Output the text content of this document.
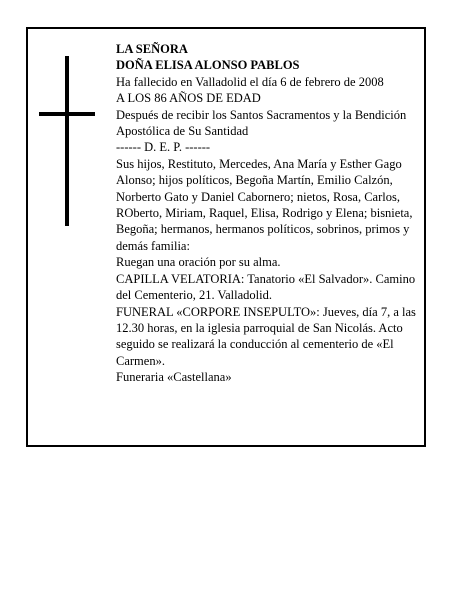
LA SEÑORA

DOÑA ELISA ALONSO PABLOS

Ha fallecido en Valladolid el día 6 de febrero de 2008

A LOS 86 AÑOS DE EDAD

Después de recibir los Santos Sacramentos y la Bendición Apostólica de Su Santidad

------ D. E. P. ------

Sus hijos, Restituto, Mercedes, Ana María y Esther Gago Alonso; hijos políticos, Begoña Martín, Emilio Calzón, Norberto Gato y Daniel Cabornero; nietos, Rosa, Carlos, ROberto, Miriam, Raquel, Elisa, Rodrigo y Elena; bisnieta, Begoña; hermanos, hermanos políticos, sobrinos, primos y demás familia:

Ruegan una oración por su alma.

CAPILLA VELATORIA: Tanatorio «El Salvador». Camino del Cementerio, 21. Valladolid.

FUNERAL «CORPORE INSEPULTO»: Jueves, día 7, a las 12.30 horas, en la iglesia parroquial de San Nicolás. Acto seguido se realizará la conducción al cementerio de «El Carmen».

Funeraria «Castellana»
